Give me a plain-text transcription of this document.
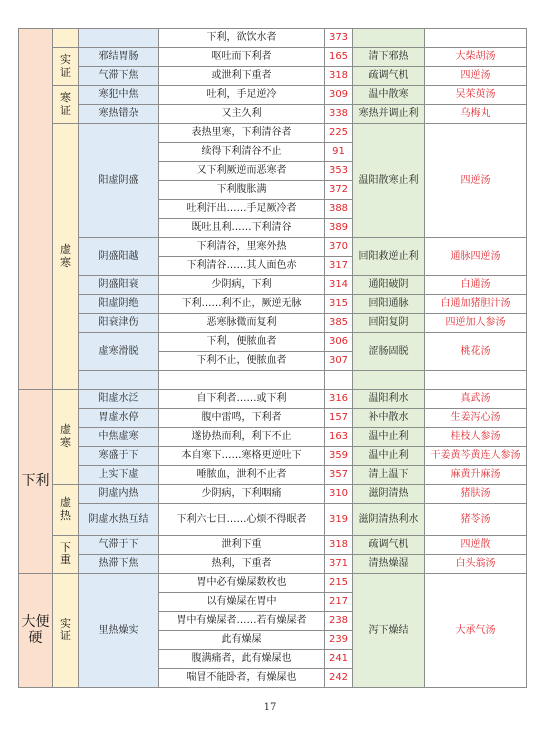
			下利，欲饮水者	373		
	实证	邪结胃肠	呕吐而下利者	165	清下邪热	大柴胡汤
		气滞下焦	或泄利下重者	318	疏调气机	四逆汤
	寒证	寒犯中焦	吐利，手足逆冷	309	温中散寒	吴茱萸汤
		寒热错杂	又主久利	338	寒热并调止利	乌梅丸
	虚寒	阳虚阴盛	表热里寒，下利清谷者	225	温阳散寒止利	四逆汤
			续得下利清谷不止	91		
			又下利厥逆而恶寒者	353		
			下利腹胀满	372		
			吐利汗出……手足厥冷者	388		
			既吐且利……下利清谷	389		
		阴盛阳越	下利清谷，里寒外热	370	回阳救逆止利	通脉四逆汤
			下利清谷……其人面色赤	317		
		阴盛阳衰	少阴病，下利	314	通阳破阴	白通汤
		阳虚阴绝	下利……利不止，厥逆无脉	315	回阳通脉	白通加猪胆汁汤
		阳衰津伤	恶寒脉微而复利	385	回阳复阴	四逆加人参汤
		虚寒滑脱	下利，便脓血者	306	涩肠固脱	桃花汤
			下利不止，便脓血者	307		

下利	虚寒	阳虚水泛	自下利者……或下利	316	温阳利水	真武汤
		胃虚水停	腹中雷鸣，下利者	157	补中散水	生姜泻心汤
		中焦虚寒	遂协热而利，利下不止	163	温中止利	桂枝人参汤
		寒盛于下	本自寒下……寒格更逆吐下	359	温中止利	干姜黄芩黄连人参汤
		上实下虚	唾脓血，泄利不止者	357	清上温下	麻黄升麻汤
	虚热	阴虚内热	少阴病，下利咽痛	310	滋阴清热	猪肤汤
		阴虚水热互结	下利六七日……心烦不得眠者	319	滋阴清热利水	猪苓汤
	下重	气滞于下	泄利下重	318	疏调气机	四逆散
		热滞下焦	热利，下重者	371	清热燥湿	白头翁汤
大便硬	实证	里热燥实	胃中必有燥屎数枚也	215	泻下燥结	大承气汤
			以有燥屎在胃中	217		
			胃中有燥屎者……若有燥屎者	238		
			此有燥屎	239		
			腹满痛者，此有燥屎也	241		
			喘冒不能卧者，有燥屎也	242		
17
